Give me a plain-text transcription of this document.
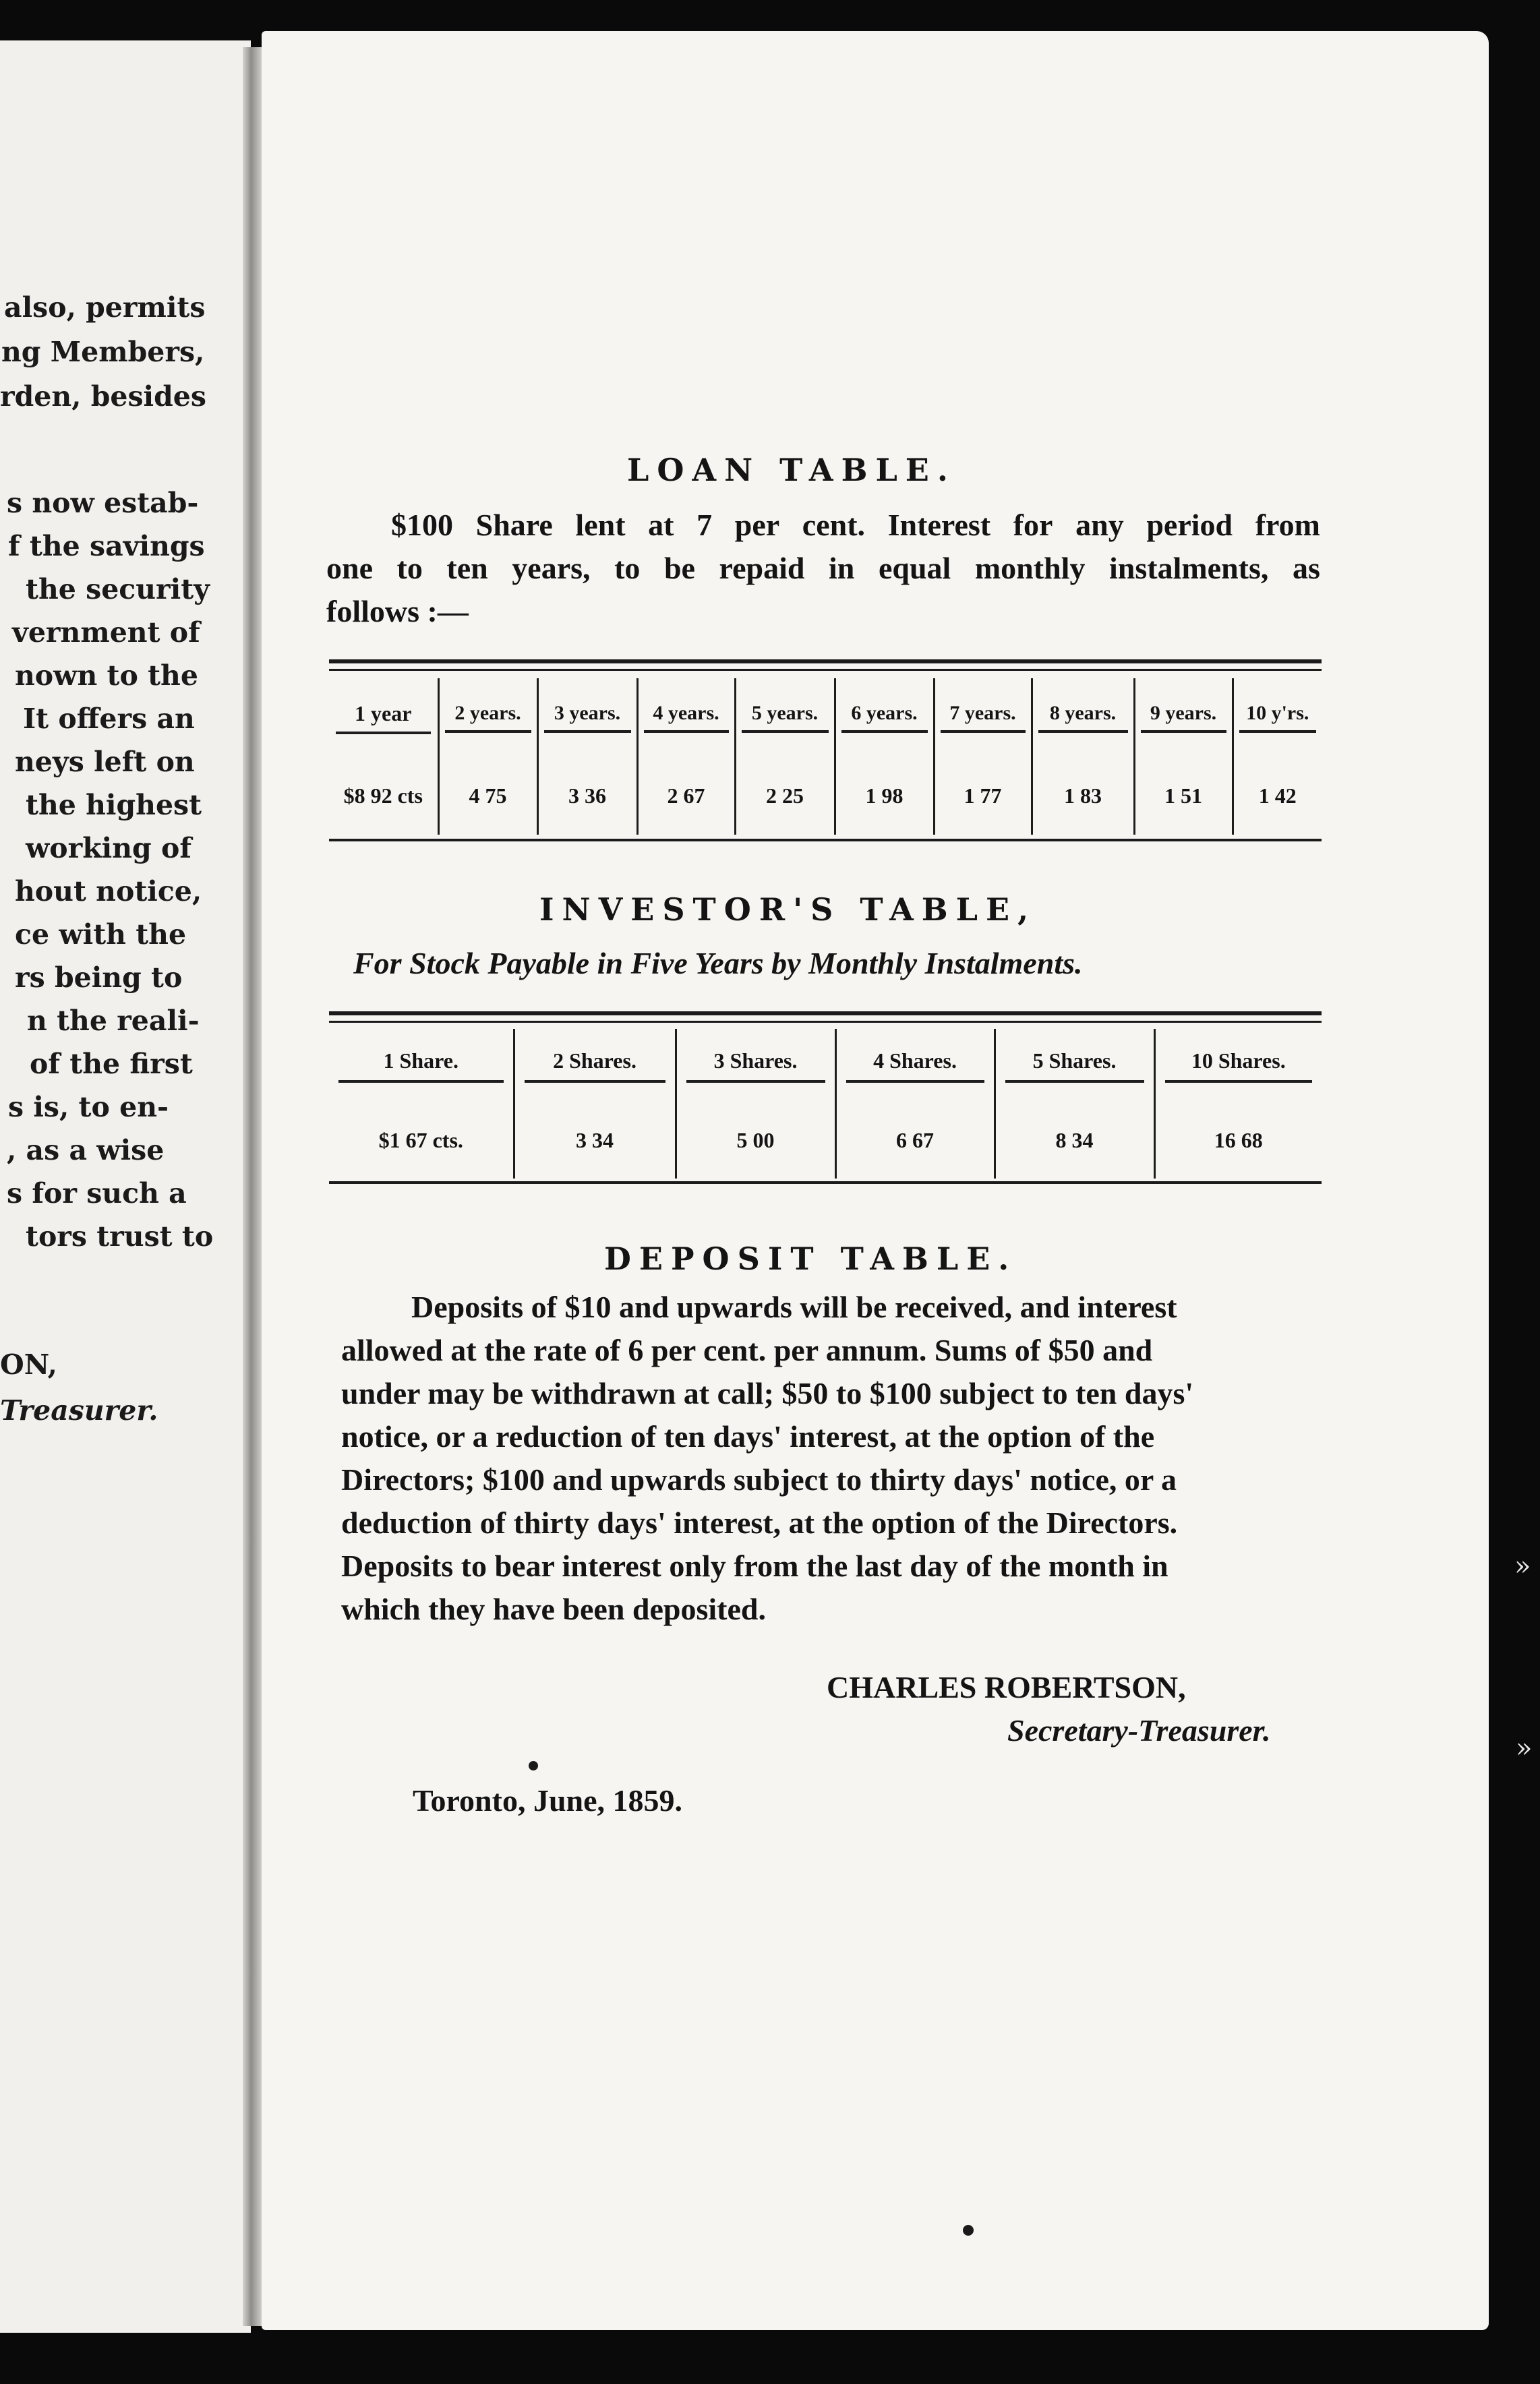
also, permits
ng Members,
rden, besides
s now estab-
f the savings
the security
vernment of
nown to the
It offers an
neys left on
the highest
working of
hout notice,
ce with the
rs being to
n the reali-
of the first
s is, to en-
, as a wise
s for such a
tors trust to
ON,
Treasurer.
LOAN TABLE.
$100 Share lent at 7 per cent. Interest for any period from
one to ten years, to be repaid in equal monthly instalments, as
follows :—
1 year	2 years.	3 years.	4 years.	5 years.	6 years.	7 years.	8 years.	9 years.	10 y'rs.

$8 92 cts	4 75	3 36	2 67	2 25	1 98	1 77	1 83	1 51	1 42
INVESTOR'S TABLE,
For Stock Payable in Five Years by Monthly Instalments.
1 Share.	2 Shares.	3 Shares.	4 Shares.	5 Shares.	10 Shares.

$1 67 cts.	3 34	5 00	6 67	8 34	16 68
DEPOSIT TABLE.
Deposits of $10 and upwards will be received, and interest
allowed at the rate of 6 per cent. per annum. Sums of $50 and
under may be withdrawn at call; $50 to $100 subject to ten days'
notice, or a reduction of ten days' interest, at the option of the
Directors; $100 and upwards subject to thirty days' notice, or a
deduction of thirty days' interest, at the option of the Directors.
Deposits to bear interest only from the last day of the month in
which they have been deposited.
CHARLES ROBERTSON,
Secretary-Treasurer.
Toronto, June, 1859.
»
»
